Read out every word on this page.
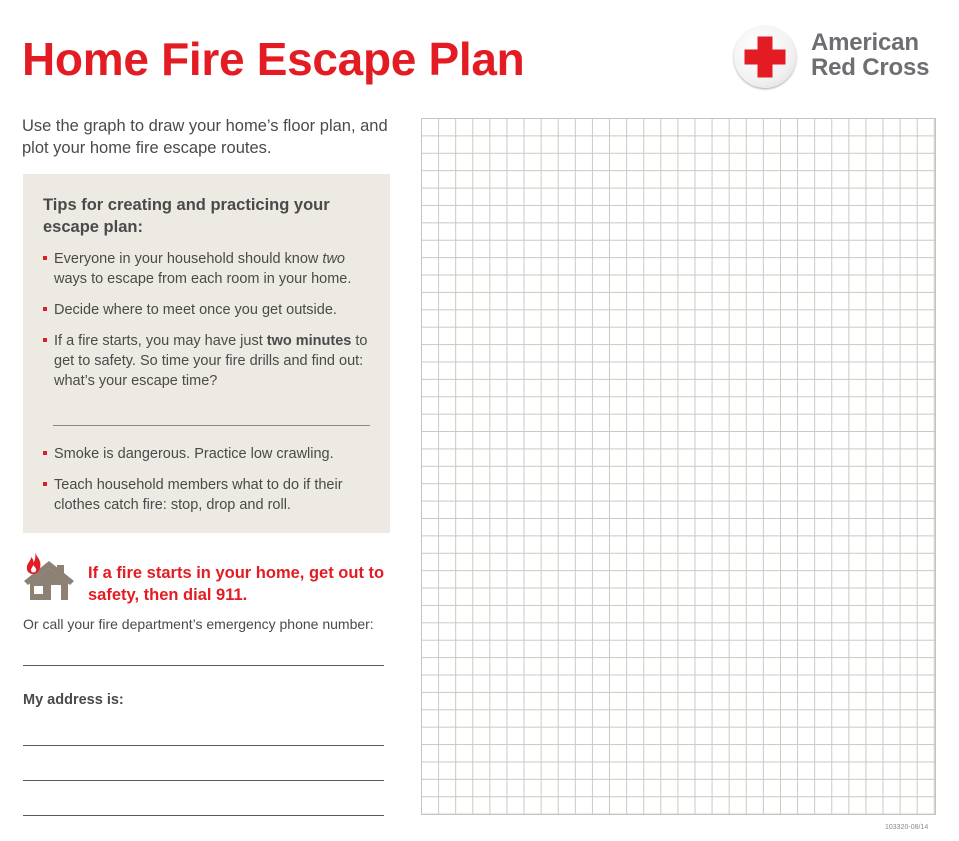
Home Fire Escape Plan	American
Red Cross

Use the graph to draw your home’s floor plan, and plot your home fire escape routes.

Tips for creating and practicing your escape plan:
Everyone in your household should know two ways to escape from each room in your home.
Decide where to meet once you get outside.
If a fire starts, you may have just two minutes to get to safety. So time your fire drills and find out: what’s your escape time?
Smoke is dangerous. Practice low crawling.
Teach household members what to do if their clothes catch fire: stop, drop and roll.
If a fire starts in your home, get out to safety, then dial 911.
Or call your fire department’s emergency phone number:
My address is:
103320-08/14
